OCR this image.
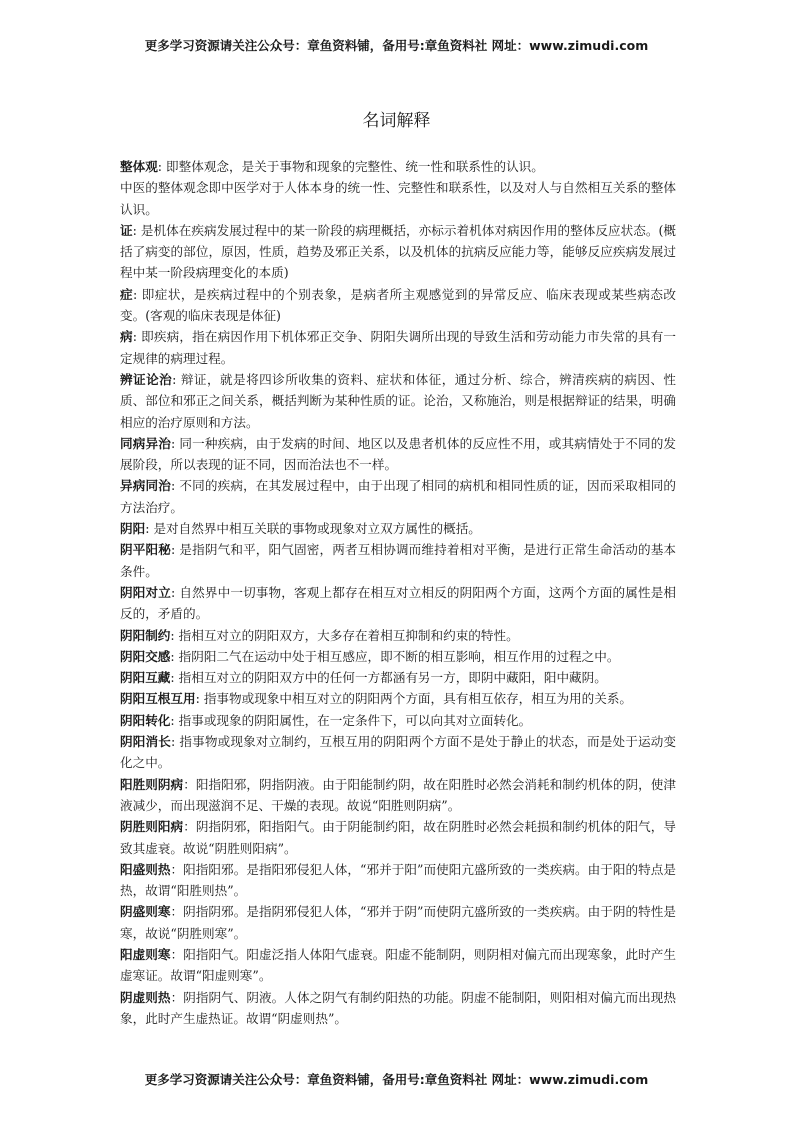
更多学习资源请关注公众号：章鱼资料铺，备用号:章鱼资料社 网址：www.zimudi.com
名词解释

整体观: 即整体观念，是关于事物和现象的完整性、统一性和联系性的认识。

中医的整体观念即中医学对于人体本身的统一性、完整性和联系性，以及对人与自然相互关系的整体认识。

证: 是机体在疾病发展过程中的某一阶段的病理概括，亦标示着机体对病因作用的整体反应状态。(概括了病变的部位，原因，性质，趋势及邪正关系，以及机体的抗病反应能力等，能够反应疾病发展过程中某一阶段病理变化的本质)

症: 即症状，是疾病过程中的个别表象，是病者所主观感觉到的异常反应、临床表现或某些病态改变。(客观的临床表现是体征)

病: 即疾病，指在病因作用下机体邪正交争、阴阳失调所出现的导致生活和劳动能力市失常的具有一定规律的病理过程。

辨证论治: 辩证，就是将四诊所收集的资料、症状和体征，通过分析、综合，辨清疾病的病因、性质、部位和邪正之间关系，概括判断为某种性质的证。论治，又称施治，则是根据辩证的结果，明确相应的治疗原则和方法。

同病异治: 同一种疾病，由于发病的时间、地区以及患者机体的反应性不用，或其病情处于不同的发展阶段，所以表现的证不同，因而治法也不一样。

异病同治: 不同的疾病，在其发展过程中，由于出现了相同的病机和相同性质的证，因而采取相同的方法治疗。

阴阳: 是对自然界中相互关联的事物或现象对立双方属性的概括。

阴平阳秘: 是指阴气和平，阳气固密，两者互相协调而维持着相对平衡，是进行正常生命活动的基本条件。

阴阳对立: 自然界中一切事物，客观上都存在相互对立相反的阴阳两个方面，这两个方面的属性是相反的，矛盾的。

阴阳制约: 指相互对立的阴阳双方，大多存在着相互抑制和约束的特性。

阴阳交感: 指阴阳二气在运动中处于相互感应，即不断的相互影响，相互作用的过程之中。

阴阳互藏: 指相互对立的阴阳双方中的任何一方都涵有另一方，即阴中藏阳，阳中藏阴。

阴阳互根互用: 指事物或现象中相互对立的阴阳两个方面，具有相互依存，相互为用的关系。

阴阳转化: 指事或现象的阴阳属性，在一定条件下，可以向其对立面转化。

阴阳消长: 指事物或现象对立制约，互根互用的阴阳两个方面不是处于静止的状态，而是处于运动变化之中。

阳胜则阴病：阳指阳邪，阴指阴液。由于阳能制约阴，故在阳胜时必然会消耗和制约机体的阴，使津液减少，而出现滋润不足、干燥的表现。故说“阳胜则阴病”。

阴胜则阳病：阴指阴邪，阳指阳气。由于阴能制约阳，故在阴胜时必然会耗损和制约机体的阳气，导致其虚衰。故说“阴胜则阳病”。

阳盛则热：阳指阳邪。是指阳邪侵犯人体，“邪并于阳”而使阳亢盛所致的一类疾病。由于阳的特点是热，故谓“阳胜则热”。

阴盛则寒：阴指阴邪。是指阴邪侵犯人体，“邪并于阴”而使阴亢盛所致的一类疾病。由于阴的特性是寒，故说“阴胜则寒”。

阳虚则寒：阳指阳气。阳虚泛指人体阳气虚衰。阳虚不能制阴，则阴相对偏亢而出现寒象，此时产生虚寒证。故谓“阳虚则寒”。

阴虚则热：阴指阴气、阴液。人体之阴气有制约阳热的功能。阴虚不能制阳，则阳相对偏亢而出现热象，此时产生虚热证。故谓“阴虚则热”。

更多学习资源请关注公众号：章鱼资料铺，备用号:章鱼资料社 网址：www.zimudi.com
